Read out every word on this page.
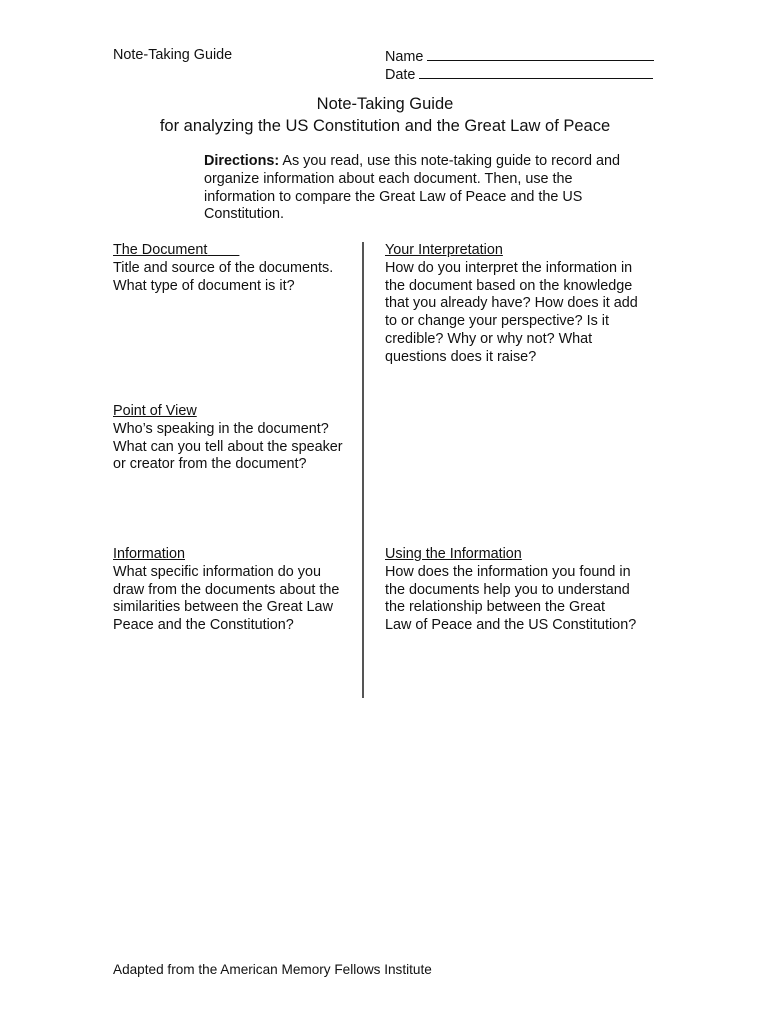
Note-Taking Guide	Name
Date
Note-Taking Guide
for analyzing the US Constitution and the Great Law of Peace
Directions: As you read, use this note-taking guide to record and
organize information about each document. Then, use the
information to compare the Great Law of Peace and the US
Constitution.
The Document
Title and source of the documents.
What type of document is it?
Your Interpretation
How do you interpret the information in
the document based on the knowledge
that you already have? How does it add
to or change your perspective? Is it
credible? Why or why not? What
questions does it raise?
Point of View
Who’s speaking in the document?
What can you tell about the speaker
or creator from the document?
Information
What specific information do you
draw from the documents about the
similarities between the Great Law
Peace and the Constitution?
Using the Information
How does the information you found in
the documents help you to understand
the relationship between the Great
Law of Peace and the US Constitution?
Adapted from the American Memory Fellows Institute
